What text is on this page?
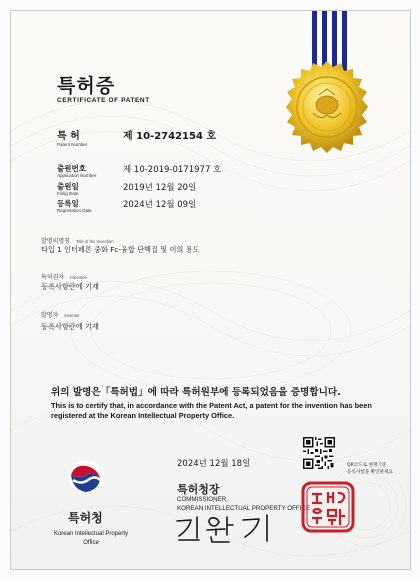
특허증
CERTIFICATE OF PATENT
특 허
Patent Number
제 10-2742154 호
출원번호
Application Number
제 10-2019-0171977 호
출원일
Filing Date
2019년 12월 20일
등록일
Registration Date
2024년 12월 09일
발명의명칭 Title of the Invention
타입 1 인터페론 중화 Fc-융합 단백질 및 이의 용도
특허권자 Patentee
등록사항란에 기재
발명자 Inventor
등록사항란에 기재
위의 발명은「특허법」에 따라 특허원부에 등록되었음을 증명합니다.
This is to certify that, in accordance with the Patent Act, a patent for the invention has been registered at the Korean Intellectual Property Office.
2024년 12월 18일	QR코드로 현재기준
등록사항을 확인하세요
특허청장
COMMISSIONER,
KOREAN INTELLECTUAL PROPERTY OFFICE
특허청
Korean Intellectual Property Office
